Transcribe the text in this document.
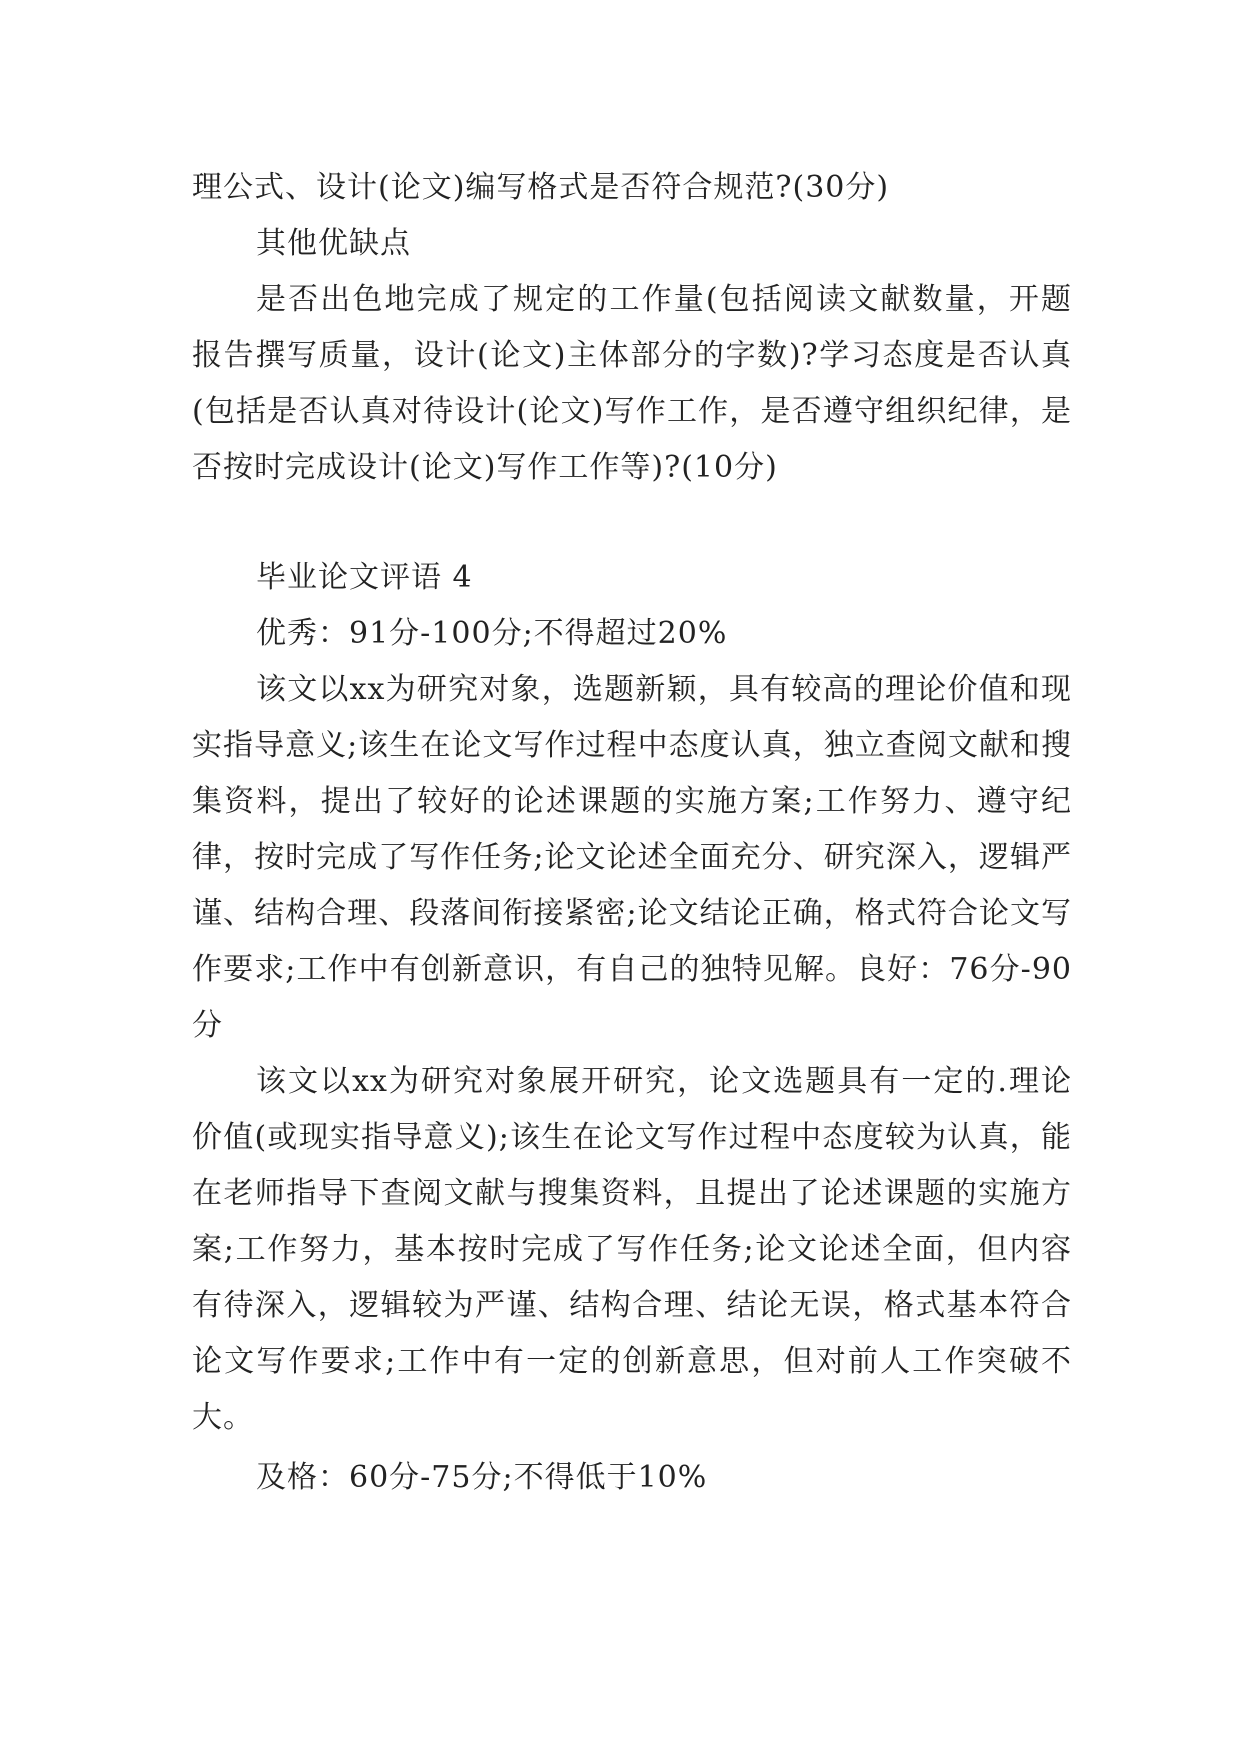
理公式、设计(论文)编写格式是否符合规范?(30分)

其他优缺点

是否出色地完成了规定的工作量(包括阅读文献数量，开题报告撰写质量，设计(论文)主体部分的字数)?学习态度是否认真(包括是否认真对待设计(论文)写作工作，是否遵守组织纪律，是否按时完成设计(论文)写作工作等)?(10分)

毕业论文评语 4

优秀：91分-100分;不得超过20%

该文以xx为研究对象，选题新颖，具有较高的理论价值和现实指导意义;该生在论文写作过程中态度认真，独立查阅文献和搜集资料，提出了较好的论述课题的实施方案;工作努力、遵守纪律，按时完成了写作任务;论文论述全面充分、研究深入，逻辑严谨、结构合理、段落间衔接紧密;论文结论正确，格式符合论文写作要求;工作中有创新意识，有自己的独特见解。良好：76分-90分

该文以xx为研究对象展开研究，论文选题具有一定的.理论价值(或现实指导意义);该生在论文写作过程中态度较为认真，能在老师指导下查阅文献与搜集资料，且提出了论述课题的实施方案;工作努力，基本按时完成了写作任务;论文论述全面，但内容有待深入，逻辑较为严谨、结构合理、结论无误，格式基本符合论文写作要求;工作中有一定的创新意思，但对前人工作突破不大。

及格：60分-75分;不得低于10%
